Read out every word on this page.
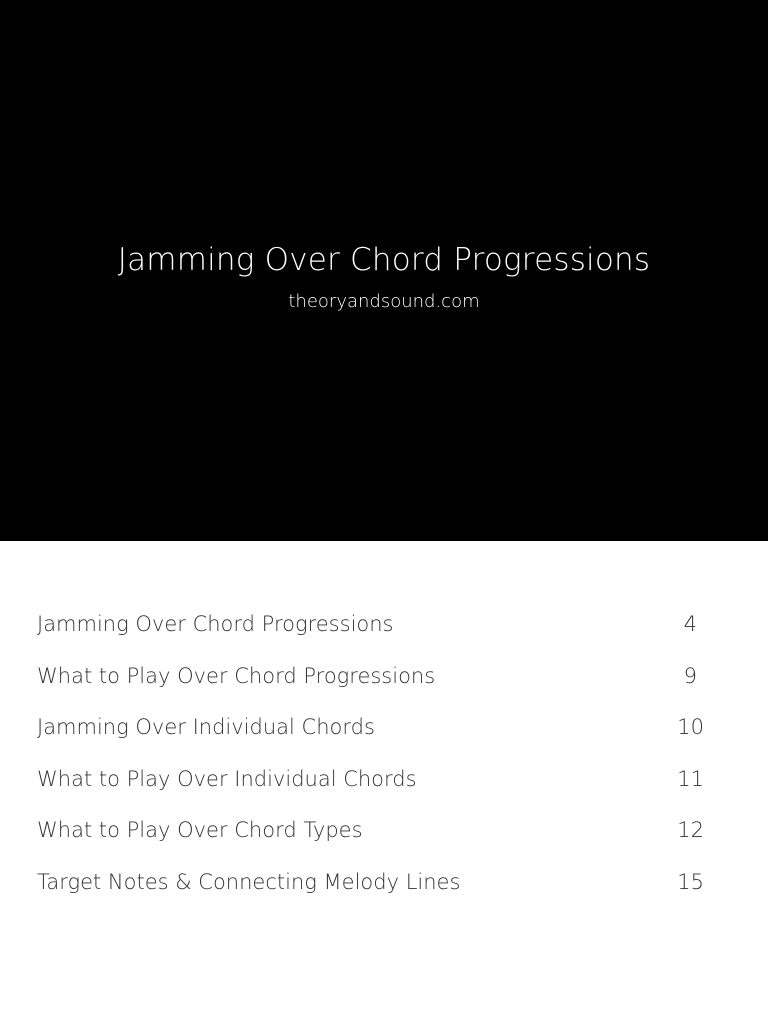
Jamming Over Chord Progressions
theoryandsound.com
Jamming Over Chord Progressions	4
What to Play Over Chord Progressions	9
Jamming Over Individual Chords	10
What to Play Over Individual Chords	11
What to Play Over Chord Types	12
Target Notes & Connecting Melody Lines	15
